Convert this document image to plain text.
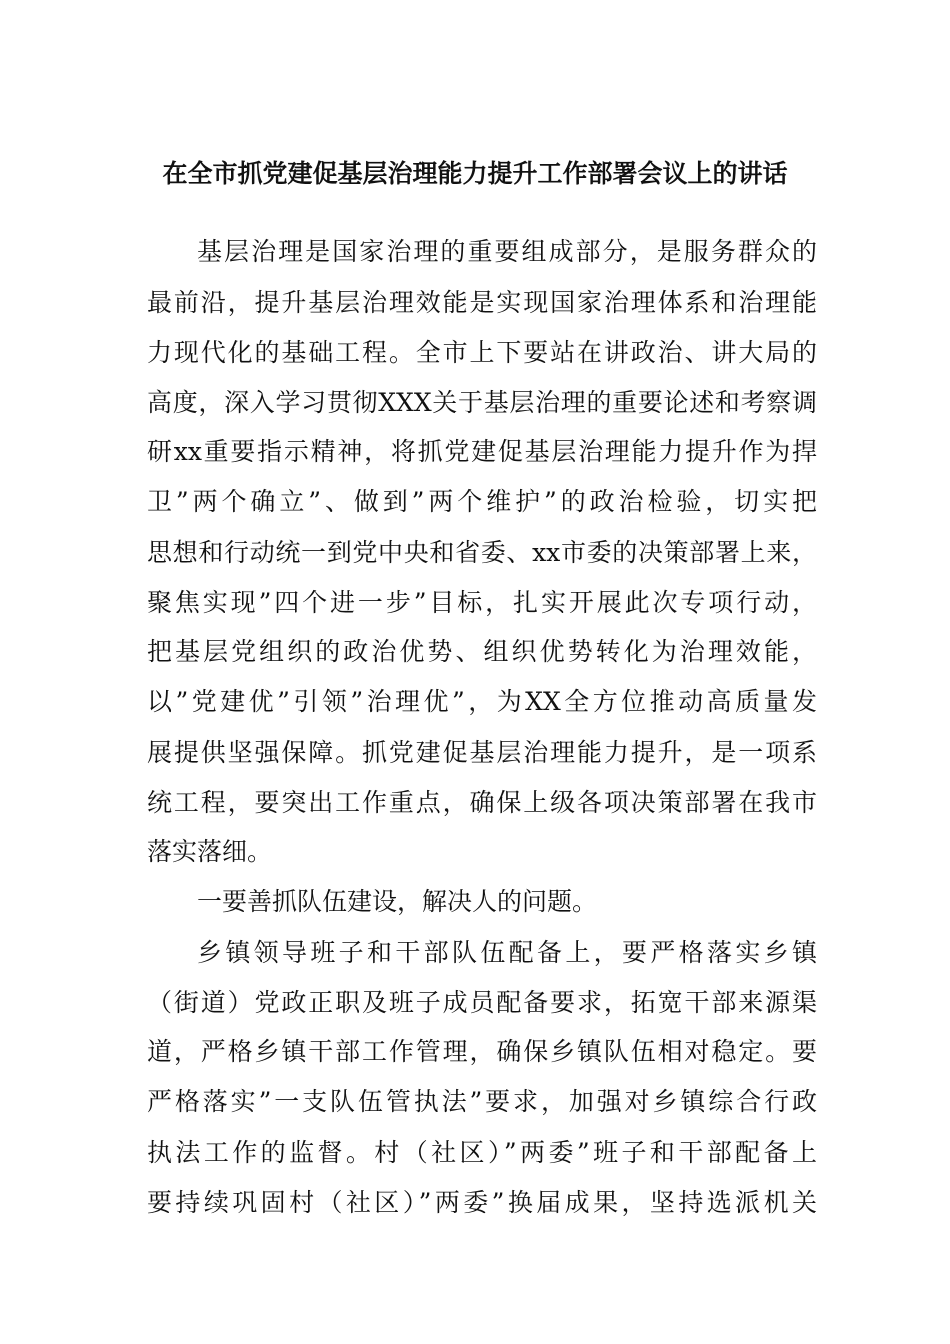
在全市抓党建促基层治理能力提升工作部署会议上的讲话
基层治理是国家治理的重要组成部分，是服务群众的
最前沿，提升基层治理效能是实现国家治理体系和治理能
力现代化的基础工程。全市上下要站在讲政治、讲大局的
高度，深入学习贯彻XXX关于基层治理的重要论述和考察调
研xx重要指示精神，将抓党建促基层治理能力提升作为捍
卫”两个确立”、做到”两个维护”的政治检验，切实把
思想和行动统一到党中央和省委、xx市委的决策部署上来，
聚焦实现”四个进一步”目标，扎实开展此次专项行动，
把基层党组织的政治优势、组织优势转化为治理效能，
以”党建优”引领”治理优”，为XX全方位推动高质量发
展提供坚强保障。抓党建促基层治理能力提升，是一项系
统工程，要突出工作重点，确保上级各项决策部署在我市
落实落细。
一要善抓队伍建设，解决人的问题。
乡镇领导班子和干部队伍配备上，要严格落实乡镇
（街道）党政正职及班子成员配备要求，拓宽干部来源渠
道，严格乡镇干部工作管理，确保乡镇队伍相对稳定。要
严格落实”一支队伍管执法”要求，加强对乡镇综合行政
执法工作的监督。村（社区）”两委”班子和干部配备上
要持续巩固村（社区）”两委”换届成果，坚持选派机关
